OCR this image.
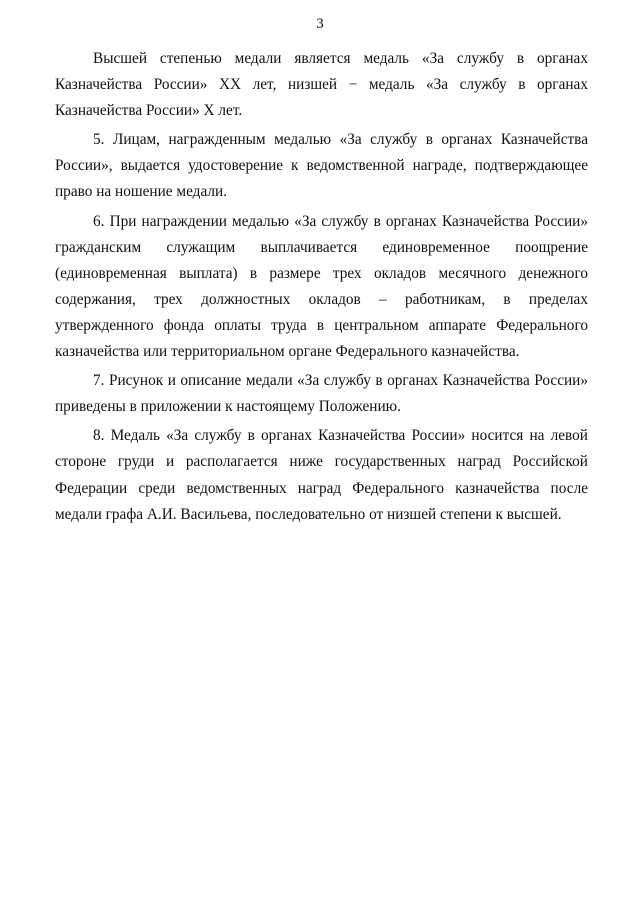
3

Высшей степенью медали является медаль «За службу в органах Казначейства России» XX лет, низшей − медаль «За службу в органах Казначейства России» X лет.

5. Лицам, награжденным медалью «За службу в органах Казначейства России», выдается удостоверение к ведомственной награде, подтверждающее право на ношение медали.

6. При награждении медалью «За службу в органах Казначейства России» гражданским служащим выплачивается единовременное поощрение (единовременная выплата) в размере трех окладов месячного денежного содержания, трех должностных окладов – работникам, в пределах утвержденного фонда оплаты труда в центральном аппарате Федерального казначейства или территориальном органе Федерального казначейства.

7. Рисунок и описание медали «За службу в органах Казначейства России» приведены в приложении к настоящему Положению.

8. Медаль «За службу в органах Казначейства России» носится на левой стороне груди и располагается ниже государственных наград Российской Федерации среди ведомственных наград Федерального казначейства после медали графа А.И. Васильева, последовательно от низшей степени к высшей.
